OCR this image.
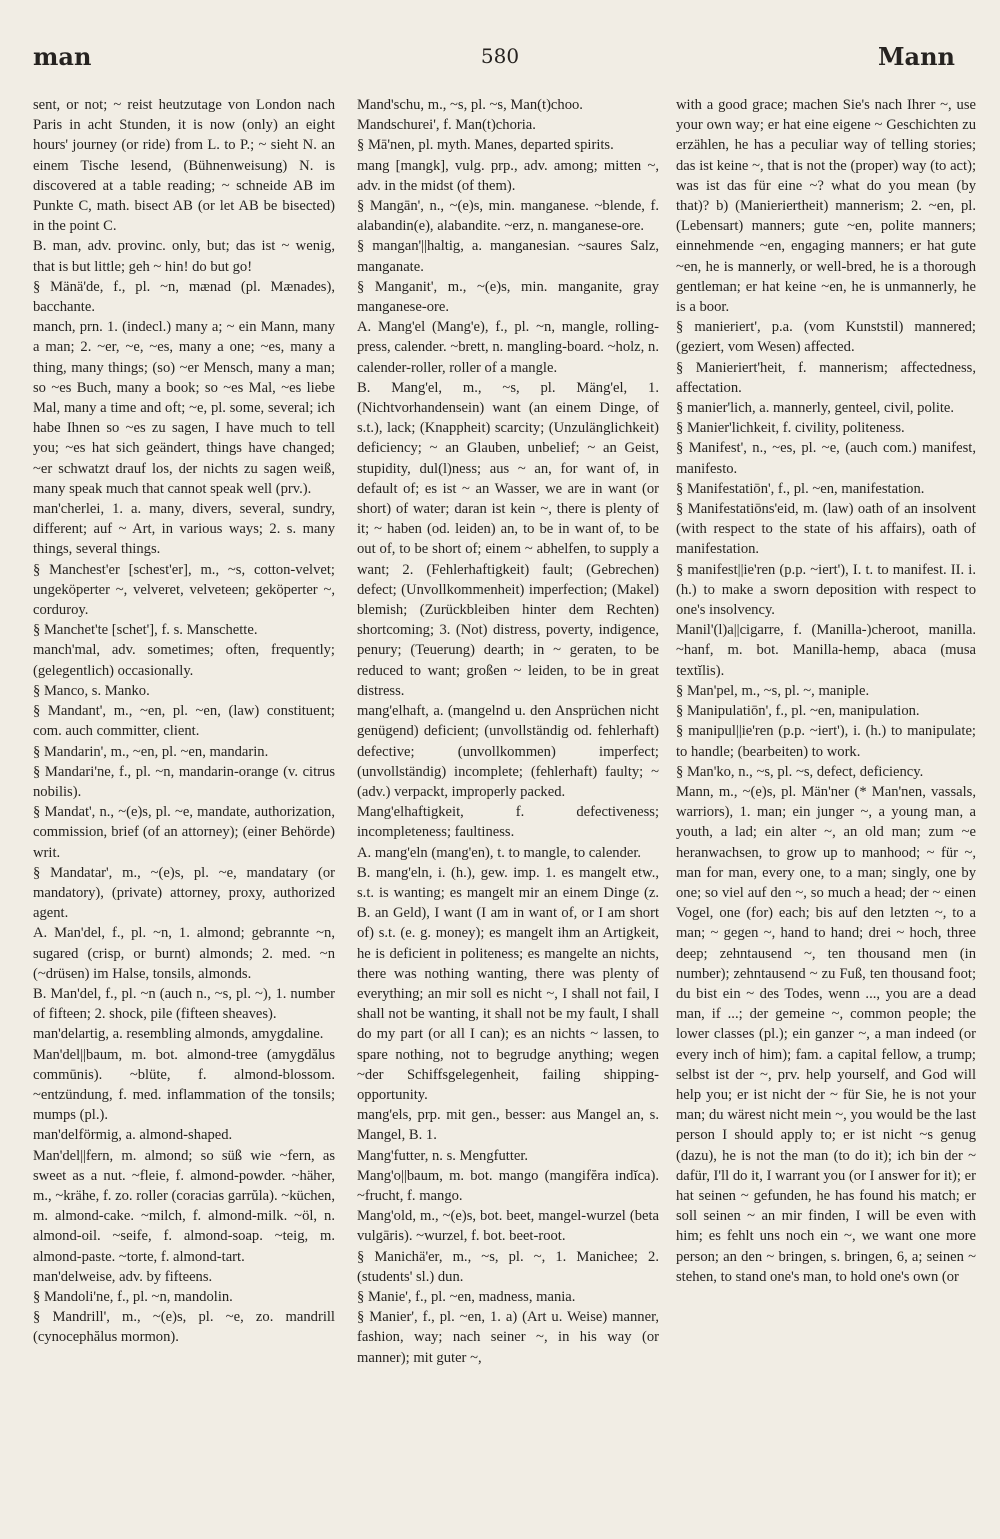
man	580	Mann

sent, or not; ~ reist heutzutage von London nach Paris in acht Stunden, it is now (only) an eight hours' journey (or ride) from L. to P.; ~ sieht N. an einem Tische lesend, (Bühnenweisung) N. is discovered at a table reading; ~ schneide AB im Punkte C, math. bisect AB (or let AB be bisected) in the point C.

B. man, adv. provinc. only, but; das ist ~ wenig, that is but little; geh ~ hin! do but go!

§ Mänä'de, f., pl. ~n, mænad (pl. Mænades), bacchante.

manch, prn. 1. (indecl.) many a; ~ ein Mann, many a man; 2. ~er, ~e, ~es, many a one; ~es, many a thing, many things; (so) ~er Mensch, many a man; so ~es Buch, many a book; so ~es Mal, ~es liebe Mal, many a time and oft; ~e, pl. some, several; ich habe Ihnen so ~es zu sagen, I have much to tell you; ~es hat sich geändert, things have changed; ~er schwatzt drauf los, der nichts zu sagen weiß, many speak much that cannot speak well (prv.).

man'cherlei, 1. a. many, divers, several, sundry, different; auf ~ Art, in various ways; 2. s. many things, several things.

§ Manchest'er [schest'er], m., ~s, cotton-velvet; ungeköperter ~, velveret, velveteen; geköperter ~, corduroy.

§ Manchet'te [schet'], f. s. Manschette.

manch'mal, adv. sometimes; often, frequently; (gelegentlich) occasionally.

§ Manco, s. Manko.

§ Mandant', m., ~en, pl. ~en, (law) constituent; com. auch committer, client.

§ Mandarin', m., ~en, pl. ~en, mandarin.

§ Mandari'ne, f., pl. ~n, mandarin-orange (v. citrus nobilis).

§ Mandat', n., ~(e)s, pl. ~e, mandate, authorization, commission, brief (of an attorney); (einer Behörde) writ.

§ Mandatar', m., ~(e)s, pl. ~e, mandatary (or mandatory), (private) attorney, proxy, authorized agent.

A. Man'del, f., pl. ~n, 1. almond; gebrannte ~n, sugared (crisp, or burnt) almonds; 2. med. ~n (~drüsen) im Halse, tonsils, almonds.

B. Man'del, f., pl. ~n (auch n., ~s, pl. ~), 1. number of fifteen; 2. shock, pile (fifteen sheaves).

man'delartig, a. resembling almonds, amygdaline.

Man'del||baum, m. bot. almond-tree (amygdălus commūnis). ~blüte, f. almond-blossom. ~entzündung, f. med. inflammation of the tonsils; mumps (pl.).

man'delförmig, a. almond-shaped.

Man'del||fern, m. almond; so süß wie ~fern, as sweet as a nut. ~fleie, f. almond-powder. ~häher, m., ~krähe, f. zo. roller (coracias garrŭla). ~küchen, m. almond-cake. ~milch, f. almond-milk. ~öl, n. almond-oil. ~seife, f. almond-soap. ~teig, m. almond-paste. ~torte, f. almond-tart.

man'delweise, adv. by fifteens.

§ Mandoli'ne, f., pl. ~n, mandolin.

§ Mandrill', m., ~(e)s, pl. ~e, zo. mandrill (cynocephălus mormon).

Mand'schu, m., ~s, pl. ~s, Man(t)choo.

Mandschurei', f. Man(t)choria.

§ Mā'nen, pl. myth. Manes, departed spirits.

mang [mangk], vulg. prp., adv. among; mitten ~, adv. in the midst (of them).

§ Mangān', n., ~(e)s, min. manganese. ~blende, f. alabandin(e), alabandite. ~erz, n. manganese-ore.

§ mangan'||haltig, a. manganesian. ~saures Salz, manganate.

§ Manganit', m., ~(e)s, min. manganite, gray manganese-ore.

A. Mang'el (Mang'e), f., pl. ~n, mangle, rolling-press, calender. ~brett, n. mangling-board. ~holz, n. calender-roller, roller of a mangle.

B. Mang'el, m., ~s, pl. Mäng'el, 1. (Nichtvorhandensein) want (an einem Dinge, of s.t.), lack; (Knappheit) scarcity; (Unzulänglichkeit) deficiency; ~ an Glauben, unbelief; ~ an Geist, stupidity, dul(l)ness; aus ~ an, for want of, in default of; es ist ~ an Wasser, we are in want (or short) of water; daran ist kein ~, there is plenty of it; ~ haben (od. leiden) an, to be in want of, to be out of, to be short of; einem ~ abhelfen, to supply a want; 2. (Fehlerhaftigkeit) fault; (Gebrechen) defect; (Unvollkommenheit) imperfection; (Makel) blemish; (Zurückbleiben hinter dem Rechten) shortcoming; 3. (Not) distress, poverty, indigence, penury; (Teuerung) dearth; in ~ geraten, to be reduced to want; großen ~ leiden, to be in great distress.

mang'elhaft, a. (mangelnd u. den Ansprüchen nicht genügend) deficient; (unvollständig od. fehlerhaft) defective; (unvollkommen) imperfect; (unvollständig) incomplete; (fehlerhaft) faulty; ~ (adv.) verpackt, improperly packed.

Mang'elhaftigkeit, f. defectiveness; incompleteness; faultiness.

A. mang'eln (mang'en), t. to mangle, to calender.

B. mang'eln, i. (h.), gew. imp. 1. es mangelt etw., s.t. is wanting; es mangelt mir an einem Dinge (z. B. an Geld), I want (I am in want of, or I am short of) s.t. (e. g. money); es mangelt ihm an Artigkeit, he is deficient in politeness; es mangelte an nichts, there was nothing wanting, there was plenty of everything; an mir soll es nicht ~, I shall not fail, I shall not be wanting, it shall not be my fault, I shall do my part (or all I can); es an nichts ~ lassen, to spare nothing, not to begrudge anything; wegen ~der Schiffsgelegenheit, failing shipping-opportunity.

mang'els, prp. mit gen., besser: aus Mangel an, s. Mangel, B. 1.

Mang'futter, n. s. Mengfutter.

Mang'o||baum, m. bot. mango (mangifĕra indĭca). ~frucht, f. mango.

Mang'old, m., ~(e)s, bot. beet, mangel-wurzel (beta vulgāris). ~wurzel, f. bot. beet-root.

§ Manichä'er, m., ~s, pl. ~, 1. Manichee; 2. (students' sl.) dun.

§ Manie', f., pl. ~en, madness, mania.

§ Manier', f., pl. ~en, 1. a) (Art u. Weise) manner, fashion, way; nach seiner ~, in his way (or manner); mit guter ~,

with a good grace; machen Sie's nach Ihrer ~, use your own way; er hat eine eigene ~ Geschichten zu erzählen, he has a peculiar way of telling stories; das ist keine ~, that is not the (proper) way (to act); was ist das für eine ~? what do you mean (by that)? b) (Manieriertheit) mannerism; 2. ~en, pl. (Lebensart) manners; gute ~en, polite manners; einnehmende ~en, engaging manners; er hat gute ~en, he is mannerly, or well-bred, he is a thorough gentleman; er hat keine ~en, he is unmannerly, he is a boor.

§ manieriert', p.a. (vom Kunststil) mannered; (geziert, vom Wesen) affected.

§ Manieriert'heit, f. mannerism; affectedness, affectation.

§ manier'lich, a. mannerly, genteel, civil, polite.

§ Manier'lichkeit, f. civility, politeness.

§ Manifest', n., ~es, pl. ~e, (auch com.) manifest, manifesto.

§ Manifestatiōn', f., pl. ~en, manifestation.

§ Manifestatiōns'eid, m. (law) oath of an insolvent (with respect to the state of his affairs), oath of manifestation.

§ manifest||ie'ren (p.p. ~iert'), I. t. to manifest. II. i. (h.) to make a sworn deposition with respect to one's insolvency.

Manil'(l)a||cigarre, f. (Manilla-)cheroot, manilla. ~hanf, m. bot. Manilla-hemp, abaca (musa textĭlis).

§ Man'pel, m., ~s, pl. ~, maniple.

§ Manipulatiōn', f., pl. ~en, manipulation.

§ manipul||ie'ren (p.p. ~iert'), i. (h.) to manipulate; to handle; (bearbeiten) to work.

§ Man'ko, n., ~s, pl. ~s, defect, deficiency.

Mann, m., ~(e)s, pl. Män'ner (* Man'nen, vassals, warriors), 1. man; ein junger ~, a young man, a youth, a lad; ein alter ~, an old man; zum ~e heranwachsen, to grow up to manhood; ~ für ~, man for man, every one, to a man; singly, one by one; so viel auf den ~, so much a head; der ~ einen Vogel, one (for) each; bis auf den letzten ~, to a man; ~ gegen ~, hand to hand; drei ~ hoch, three deep; zehntausend ~, ten thousand men (in number); zehntausend ~ zu Fuß, ten thousand foot; du bist ein ~ des Todes, wenn ..., you are a dead man, if ...; der gemeine ~, common people; the lower classes (pl.); ein ganzer ~, a man indeed (or every inch of him); fam. a capital fellow, a trump; selbst ist der ~, prv. help yourself, and God will help you; er ist nicht der ~ für Sie, he is not your man; du wärest nicht mein ~, you would be the last person I should apply to; er ist nicht ~s genug (dazu), he is not the man (to do it); ich bin der ~ dafür, I'll do it, I warrant you (or I answer for it); er hat seinen ~ gefunden, he has found his match; er soll seinen ~ an mir finden, I will be even with him; es fehlt uns noch ein ~, we want one more person; an den ~ bringen, s. bringen, 6, a; seinen ~ stehen, to stand one's man, to hold one's own (or
